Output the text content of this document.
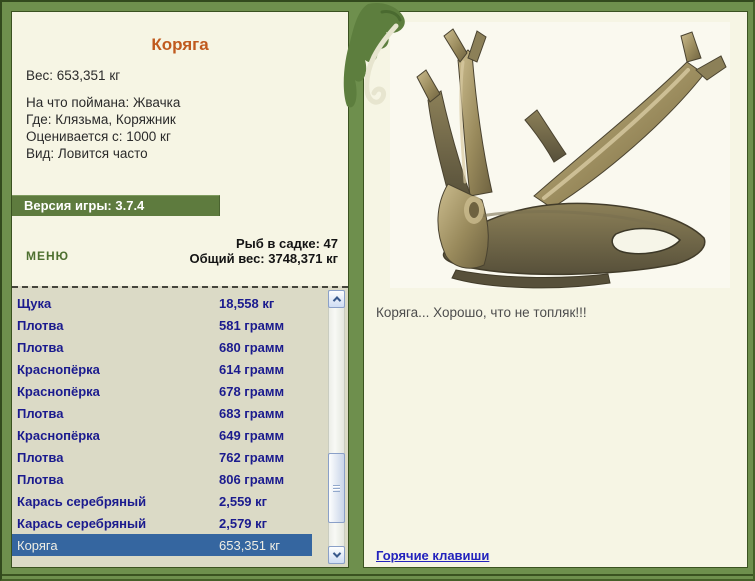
Коряга
Вес: 653,351 кг
На что поймана: Жвачка
Где: Клязьма, Коряжник
Оценивается с: 1000 кг
Вид: Ловится часто
Версия игры: 3.7.4
МЕНЮ
Рыб в садке: 47
Общий вес: 3748,371 кг
Щука	18,558 кг
Плотва	581 грамм
Плотва	680 грамм
Краснопёрка	614 грамм
Краснопёрка	678 грамм
Плотва	683 грамм
Краснопёрка	649 грамм
Плотва	762 грамм
Плотва	806 грамм
Карась серебряный	2,559 кг
Карась серебряный	2,579 кг
Коряга	653,351 кг
Коряга... Хорошо, что не топляк!!!
Горячие клавиши
